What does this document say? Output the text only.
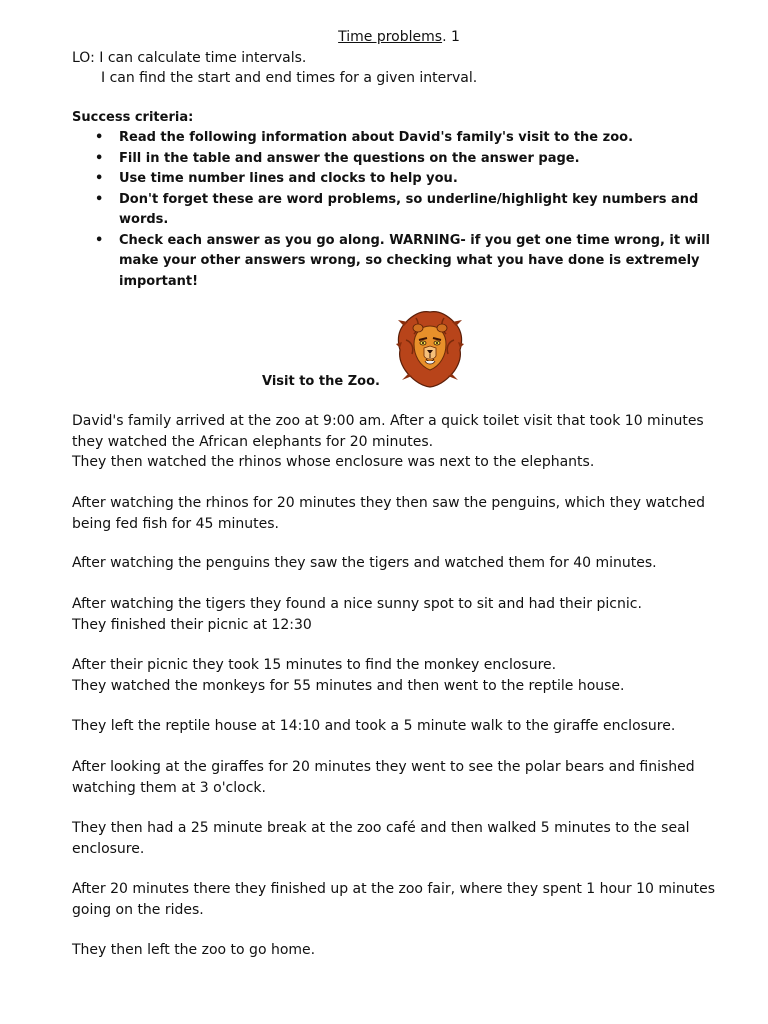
Time problems. 1
LO: I can calculate time intervals.
I can find the start and end times for a given interval.
Success criteria:
• Read the following information about David's family's visit to the zoo.
• Fill in the table and answer the questions on the answer page.
• Use time number lines and clocks to help you.
• Don't forget these are word problems, so underline/highlight key numbers and words.
• Check each answer as you go along. WARNING- if you get one time wrong, it will make your other answers wrong, so checking what you have done is extremely important!
Visit to the Zoo.
David's family arrived at the zoo at 9:00 am. After a quick toilet visit that took 10 minutes they watched the African elephants for 20 minutes.
They then watched the rhinos whose enclosure was next to the elephants.
After watching the rhinos for 20 minutes they then saw the penguins, which they watched being fed fish for 45 minutes.
After watching the penguins they saw the tigers and watched them for 40 minutes.
After watching the tigers they found a nice sunny spot to sit and had their picnic.
They finished their picnic at 12:30
After their picnic they took 15 minutes to find the monkey enclosure.
They watched the monkeys for 55 minutes and then went to the reptile house.
They left the reptile house at 14:10 and took a 5 minute walk to the giraffe enclosure.
After looking at the giraffes for 20 minutes they went to see the polar bears and finished watching them at 3 o'clock.
They then had a 25 minute break at the zoo café and then walked 5 minutes to the seal enclosure.
After 20 minutes there they finished up at the zoo fair, where they spent 1 hour 10 minutes going on the rides.
They then left the zoo to go home.
